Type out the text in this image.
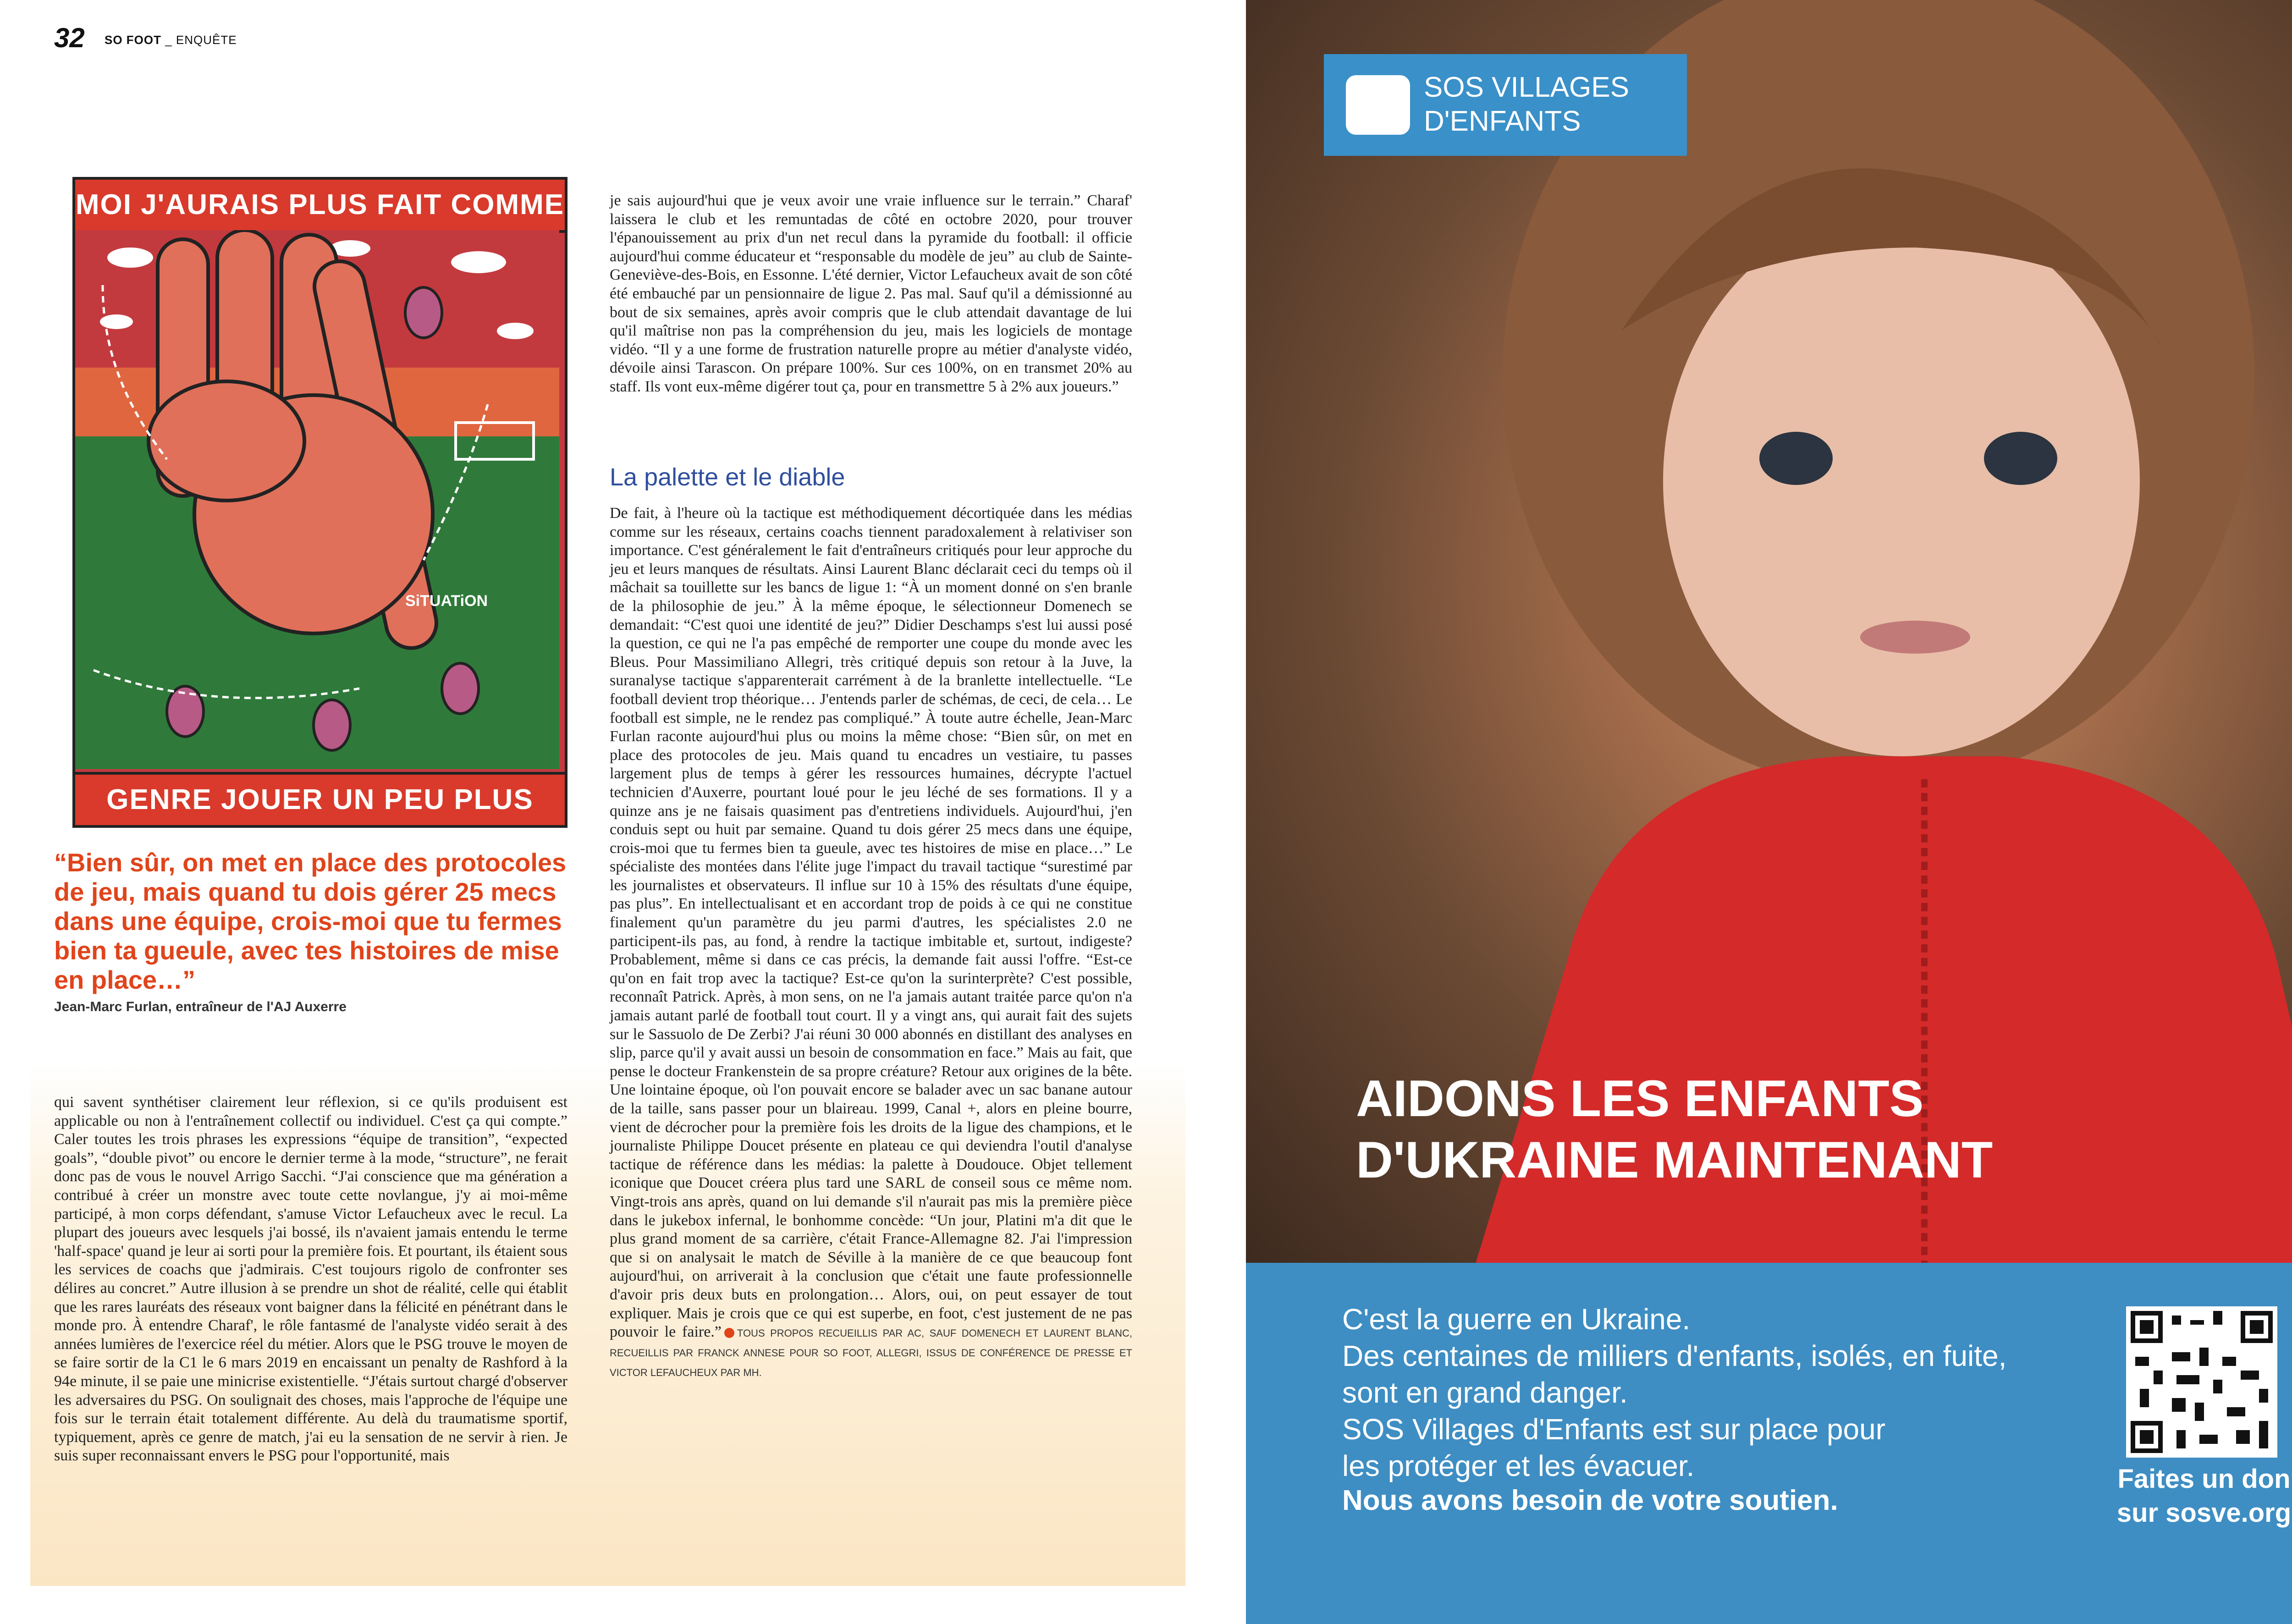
32 SO FOOT _ ENQUÊTE
MOI J'AURAIS PLUS FAIT COMME
SiTUATiON
GENRE JOUER UN PEU PLUS
“Bien sûr, on met en place des protocoles de jeu, mais quand tu dois gérer 25 mecs dans une équipe, crois-moi que tu fermes bien ta gueule, avec tes histoires de mise en place…”
Jean-Marc Furlan, entraîneur de l'AJ Auxerre
qui savent synthétiser clairement leur réflexion, si ce qu'ils produisent est applicable ou non à l'entraînement collectif ou individuel. C'est ça qui compte.” Caler toutes les trois phrases les expressions “équipe de transition”, “expected goals”, “double pivot” ou encore le dernier terme à la mode, “structure”, ne ferait donc pas de vous le nouvel Arrigo Sacchi. “J'ai conscience que ma génération a contribué à créer un monstre avec toute cette novlangue, j'y ai moi-même participé, à mon corps défendant, s'amuse Victor Lefaucheux avec le recul. La plupart des joueurs avec lesquels j'ai bossé, ils n'avaient jamais entendu le terme 'half-space' quand je leur ai sorti pour la première fois. Et pourtant, ils étaient sous les services de coachs que j'admirais. C'est toujours rigolo de confronter ses délires au concret.” Autre illusion à se prendre un shot de réalité, celle qui établit que les rares lauréats des réseaux vont baigner dans la félicité en pénétrant dans le monde pro. À entendre Charaf', le rôle fantasmé de l'analyste vidéo serait à des années lumières de l'exercice réel du métier. Alors que le PSG trouve le moyen de se faire sortir de la C1 le 6 mars 2019 en encaissant un penalty de Rashford à la 94e minute, il se paie une minicrise existentielle. “J'étais surtout chargé d'observer les adversaires du PSG. On soulignait des choses, mais l'approche de l'équipe une fois sur le terrain était totalement différente. Au delà du traumatisme sportif, typiquement, après ce genre de match, j'ai eu la sensation de ne servir à rien. Je suis super reconnaissant envers le PSG pour l'opportunité, mais
je sais aujourd'hui que je veux avoir une vraie influence sur le terrain.” Charaf' laissera le club et les remuntadas de côté en octobre 2020, pour trouver l'épanouissement au prix d'un net recul dans la pyramide du football: il officie aujourd'hui comme éducateur et “responsable du modèle de jeu” au club de Sainte-Geneviève-des-Bois, en Essonne. L'été dernier, Victor Lefaucheux avait de son côté été embauché par un pensionnaire de ligue 2. Pas mal. Sauf qu'il a démissionné au bout de six semaines, après avoir compris que le club attendait davantage de lui qu'il maîtrise non pas la compréhension du jeu, mais les logiciels de montage vidéo. “Il y a une forme de frustration naturelle propre au métier d'analyste vidéo, dévoile ainsi Tarascon. On prépare 100%. Sur ces 100%, on en transmet 20% au staff. Ils vont eux-même digérer tout ça, pour en transmettre 5 à 2% aux joueurs.”
La palette et le diable
De fait, à l'heure où la tactique est méthodiquement décortiquée dans les médias comme sur les réseaux, certains coachs tiennent paradoxalement à relativiser son importance. C'est généralement le fait d'entraîneurs critiqués pour leur approche du jeu et leurs manques de résultats. Ainsi Laurent Blanc déclarait ceci du temps où il mâchait sa touillette sur les bancs de ligue 1: “À un moment donné on s'en branle de la philosophie de jeu.” À la même époque, le sélectionneur Domenech se demandait: “C'est quoi une identité de jeu?” Didier Deschamps s'est lui aussi posé la question, ce qui ne l'a pas empêché de remporter une coupe du monde avec les Bleus. Pour Massimiliano Allegri, très critiqué depuis son retour à la Juve, la suranalyse tactique s'apparenterait carrément à de la branlette intellectuelle. “Le football devient trop théorique… J'entends parler de schémas, de ceci, de cela… Le football est simple, ne le rendez pas compliqué.” À toute autre échelle, Jean-Marc Furlan raconte aujourd'hui plus ou moins la même chose: “Bien sûr, on met en place des protocoles de jeu. Mais quand tu encadres un vestiaire, tu passes largement plus de temps à gérer les ressources humaines, décrypte l'actuel technicien d'Auxerre, pourtant loué pour le jeu léché de ses formations. Il y a quinze ans je ne faisais quasiment pas d'entretiens individuels. Aujourd'hui, j'en conduis sept ou huit par semaine. Quand tu dois gérer 25 mecs dans une équipe, crois-moi que tu fermes bien ta gueule, avec tes histoires de mise en place…” Le spécialiste des montées dans l'élite juge l'impact du travail tactique “surestimé par les journalistes et observateurs. Il influe sur 10 à 15% des résultats d'une équipe, pas plus”. En intellectualisant et en accordant trop de poids à ce qui ne constitue finalement qu'un paramètre du jeu parmi d'autres, les spécialistes 2.0 ne participent-ils pas, au fond, à rendre la tactique imbitable et, surtout, indigeste? Probablement, même si dans ce cas précis, la demande fait aussi l'offre. “Est-ce qu'on en fait trop avec la tactique? Est-ce qu'on la surinterprète? C'est possible, reconnaît Patrick. Après, à mon sens, on ne l'a jamais autant traitée parce qu'on n'a jamais autant parlé de football tout court. Il y a vingt ans, qui aurait fait des sujets sur le Sassuolo de De Zerbi? J'ai réuni 30 000 abonnés en distillant des analyses en slip, parce qu'il y avait aussi un besoin de consommation en face.” Mais au fait, que pense le docteur Frankenstein de sa propre créature? Retour aux origines de la bête. Une lointaine époque, où l'on pouvait encore se balader avec un sac banane autour de la taille, sans passer pour un blaireau. 1999, Canal +, alors en pleine bourre, vient de décrocher pour la première fois les droits de la ligue des champions, et le journaliste Philippe Doucet présente en plateau ce qui deviendra l'outil d'analyse tactique de référence dans les médias: la palette à Doudouce. Objet tellement iconique que Doucet créera plus tard une SARL de conseil sous ce même nom. Vingt-trois ans après, quand on lui demande s'il n'aurait pas mis la première pièce dans le jukebox infernal, le bonhomme concède: “Un jour, Platini m'a dit que le plus grand moment de sa carrière, c'était France-Allemagne 82. J'ai l'impression que si on analysait le match de Séville à la manière de ce que beaucoup font aujourd'hui, on arriverait à la conclusion que c'était une faute professionnelle d'avoir pris deux buts en prolongation… Alors, oui, on peut essayer de tout expliquer. Mais je crois que ce qui est superbe, en foot, c'est justement de ne pas pouvoir le faire.” TOUS PROPOS RECUEILLIS PAR AC, SAUF DOMENECH ET LAURENT BLANC, RECUEILLIS PAR FRANCK ANNESE POUR SO FOOT, ALLEGRI, ISSUS DE CONFÉRENCE DE PRESSE ET VICTOR LEFAUCHEUX PAR MH.
SOS VILLAGES
D'ENFANTS
AIDONS LES ENFANTS
D'UKRAINE MAINTENANT
C'est la guerre en Ukraine.
Des centaines de milliers d'enfants, isolés, en fuite,
sont en grand danger.
SOS Villages d'Enfants est sur place pour
les protéger et les évacuer.
Nous avons besoin de votre soutien.
Faites un don
sur sosve.org
